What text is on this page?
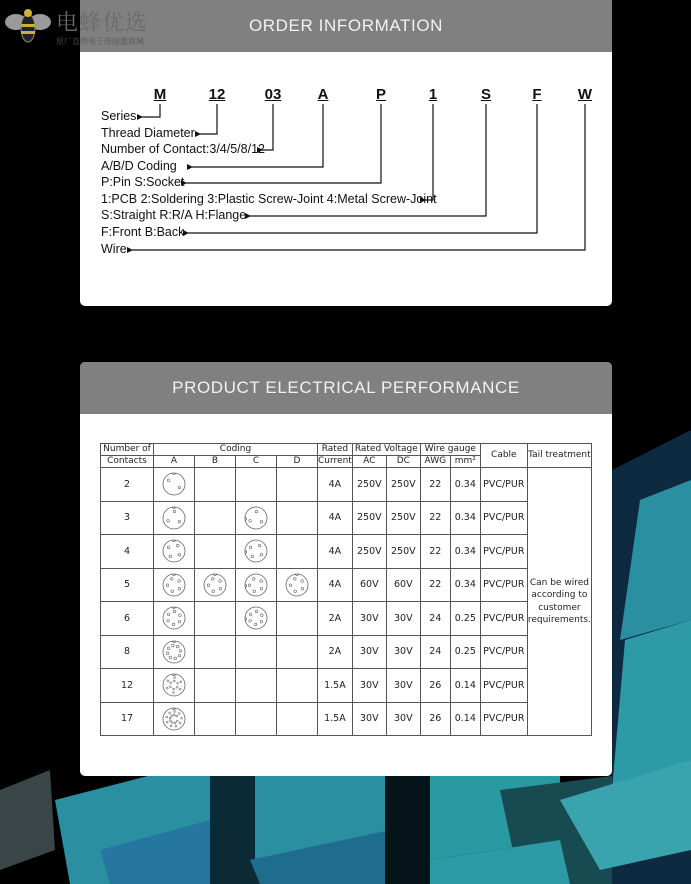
电蜂优选
原厂直供电子连接器商城
ORDER INFORMATION
M	12	03 A	P	1	S	F W
Series
Thread Diameter
Number of Contact:3/4/5/8/12
A/B/D Coding
P:Pin S:Socket
1:PCB 2:Soldering 3:Plastic Screw-Joint 4:Metal Screw-Joint
S:Straight R:R/A H:Flange
F:Front B:Back
Wire
PRODUCT ELECTRICAL PERFORMANCE
Number of	Coding				Rated	Rated Voltage		Wire gauge		Cable	Tail treatment
Contacts	A	B	C	D	Current	AC	DC	AWG	mm²		
2					4A	250V	250V	22	0.34	PVC/PUR	Can be wired according to customer requirements.
3					4A	250V	250V	22	0.34	PVC/PUR	
4					4A	250V	250V	22	0.34	PVC/PUR	
5					4A	60V	60V	22	0.34	PVC/PUR	
6					2A	30V	30V	24	0.25	PVC/PUR	
8					2A	30V	30V	24	0.25	PVC/PUR	
12					1.5A	30V	30V	26	0.14	PVC/PUR	
17					1.5A	30V	30V	26	0.14	PVC/PUR	
